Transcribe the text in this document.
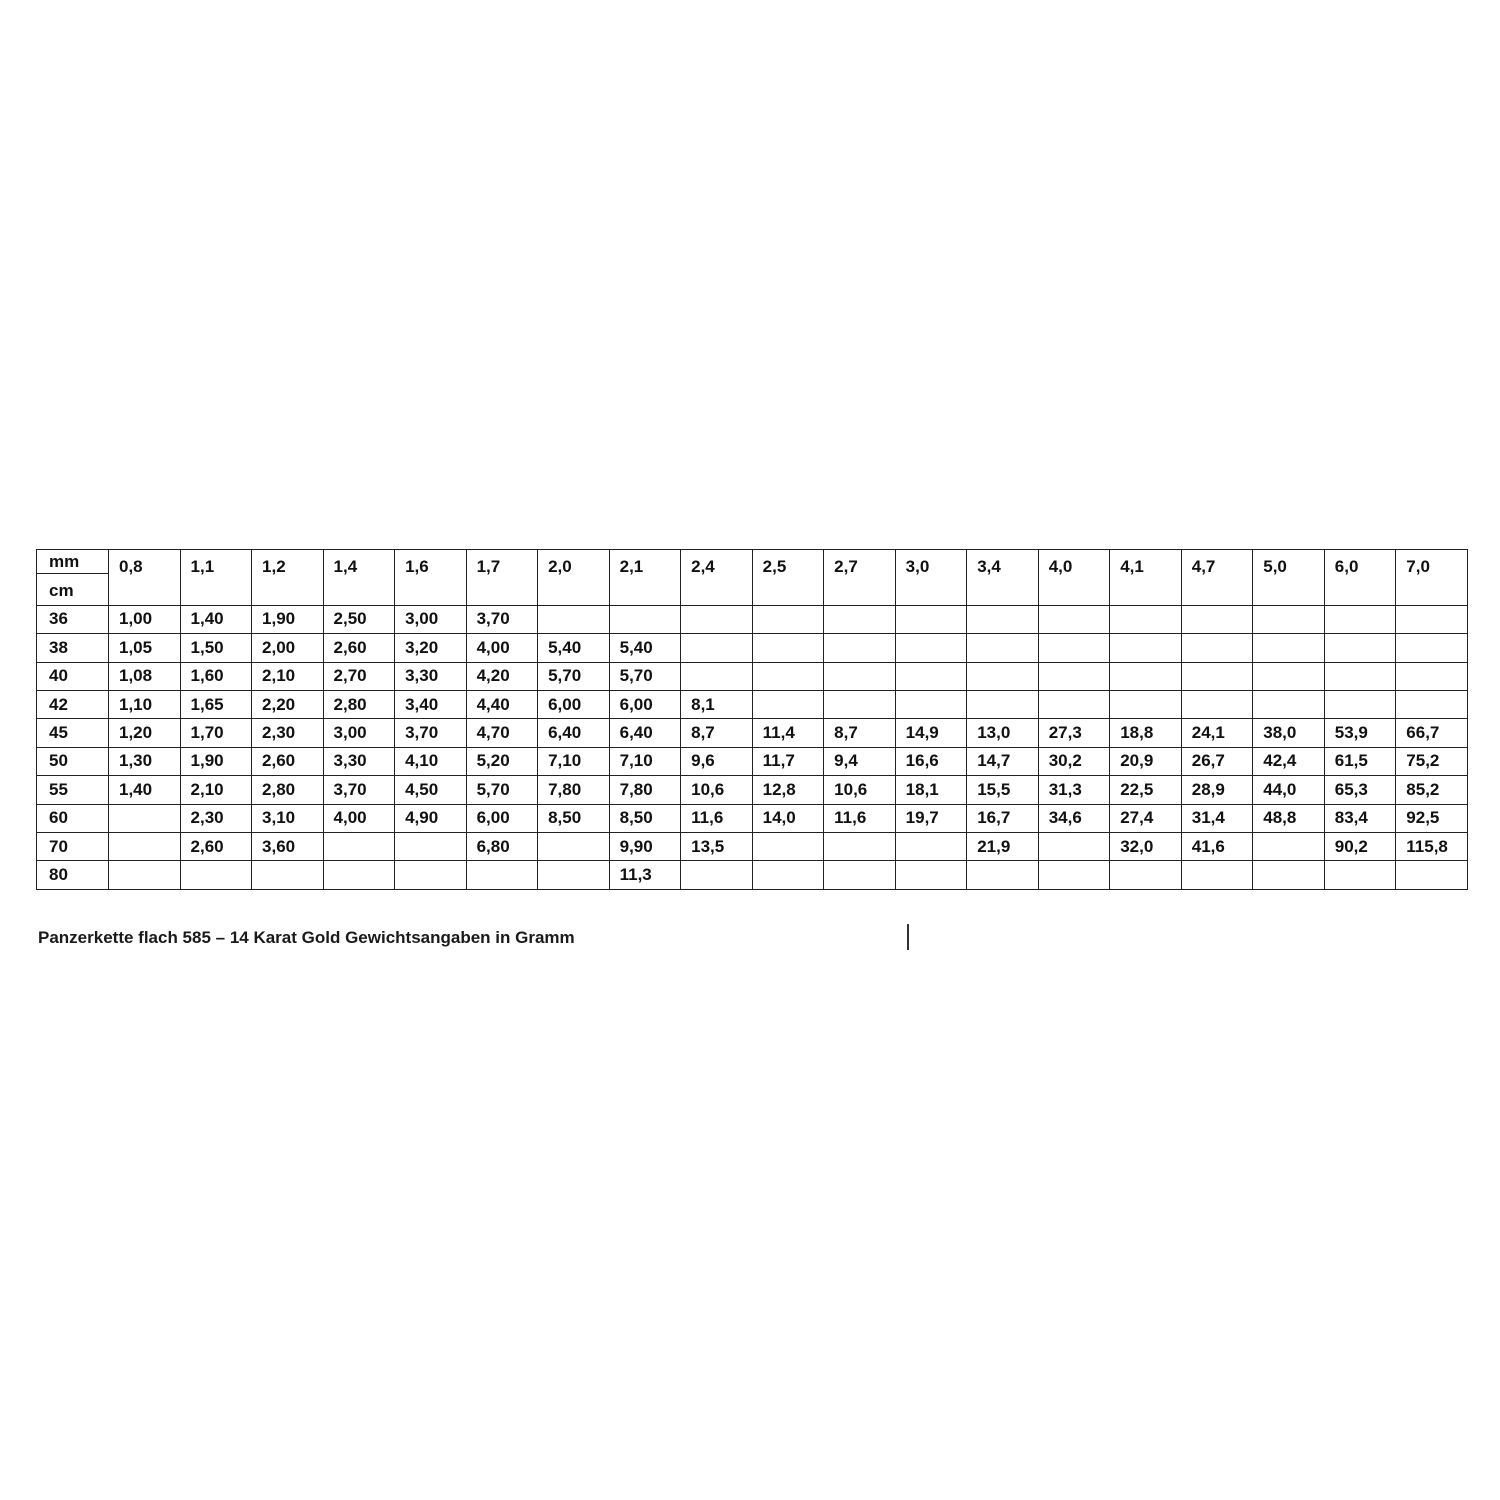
mm	0,8	1,1	1,2	1,4	1,6	1,7	2,0	2,1	2,4	2,5	2,7	3,0	3,4	4,0	4,1	4,7	5,0	6,0	7,0
cm																			
36	1,00	1,40	1,90	2,50	3,00	3,70													
38	1,05	1,50	2,00	2,60	3,20	4,00	5,40	5,40											
40	1,08	1,60	2,10	2,70	3,30	4,20	5,70	5,70											
42	1,10	1,65	2,20	2,80	3,40	4,40	6,00	6,00	8,1										
45	1,20	1,70	2,30	3,00	3,70	4,70	6,40	6,40	8,7	11,4	8,7	14,9	13,0	27,3	18,8	24,1	38,0	53,9	66,7
50	1,30	1,90	2,60	3,30	4,10	5,20	7,10	7,10	9,6	11,7	9,4	16,6	14,7	30,2	20,9	26,7	42,4	61,5	75,2
55	1,40	2,10	2,80	3,70	4,50	5,70	7,80	7,80	10,6	12,8	10,6	18,1	15,5	31,3	22,5	28,9	44,0	65,3	85,2
60		2,30	3,10	4,00	4,90	6,00	8,50	8,50	11,6	14,0	11,6	19,7	16,7	34,6	27,4	31,4	48,8	83,4	92,5
70		2,60	3,60			6,80		9,90	13,5				21,9		32,0	41,6		90,2	115,8
80								11,3											
Panzerkette flach 585 – 14 Karat Gold Gewichtsangaben in Gramm
